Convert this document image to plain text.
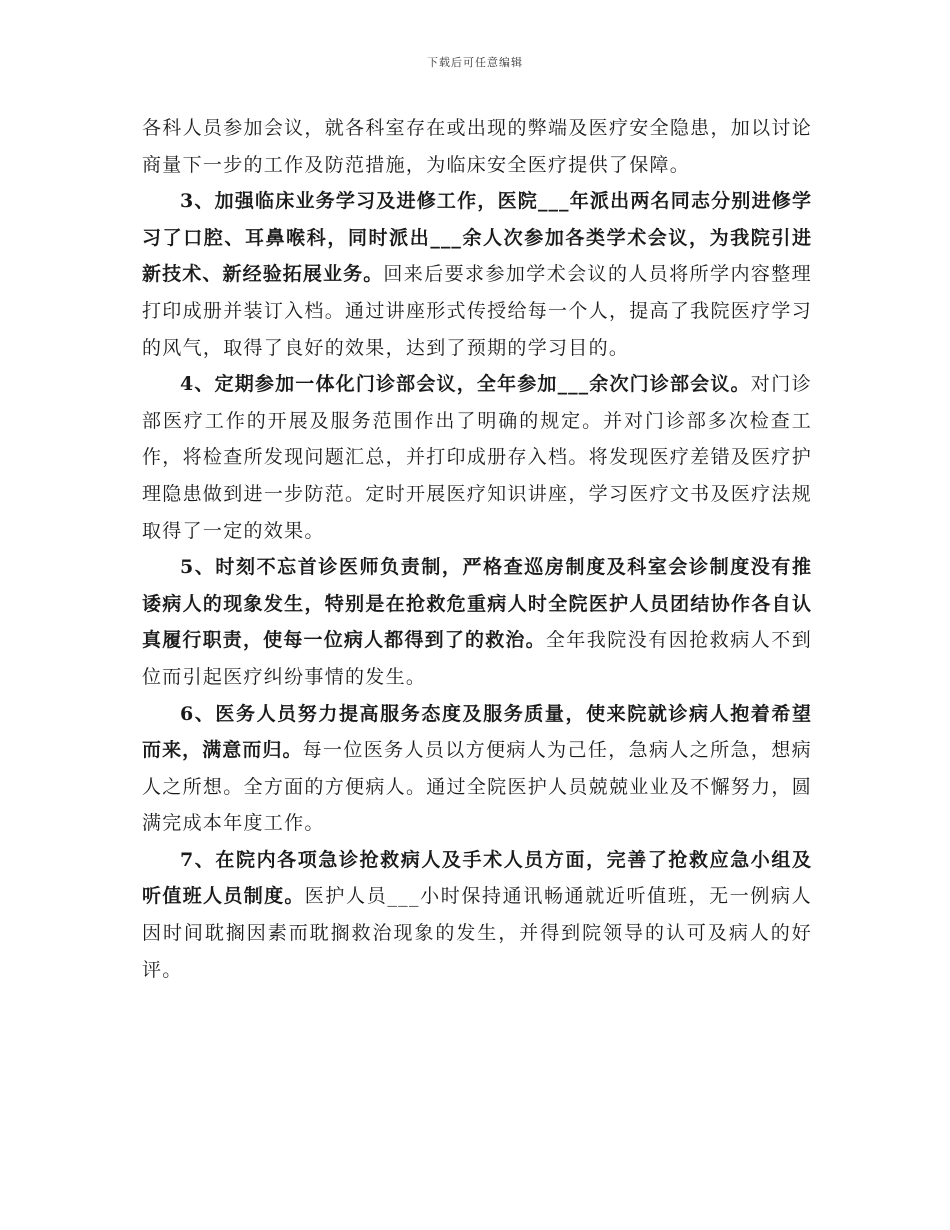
下载后可任意编辑

各科人员参加会议，就各科室存在或出现的弊端及医疗安全隐患，加以讨论商量下一步的工作及防范措施，为临床安全医疗提供了保障。

3、加强临床业务学习及进修工作，医院___年派出两名同志分别进修学习了口腔、耳鼻喉科，同时派出___余人次参加各类学术会议，为我院引进新技术、新经验拓展业务。回来后要求参加学术会议的人员将所学内容整理打印成册并装订入档。通过讲座形式传授给每一个人，提高了我院医疗学习的风气，取得了良好的效果，达到了预期的学习目的。

4、定期参加一体化门诊部会议，全年参加___余次门诊部会议。对门诊部医疗工作的开展及服务范围作出了明确的规定。并对门诊部多次检查工作，将检查所发现问题汇总，并打印成册存入档。将发现医疗差错及医疗护理隐患做到进一步防范。定时开展医疗知识讲座，学习医疗文书及医疗法规取得了一定的效果。

5、时刻不忘首诊医师负责制，严格查巡房制度及科室会诊制度没有推诿病人的现象发生，特别是在抢救危重病人时全院医护人员团结协作各自认真履行职责，使每一位病人都得到了的救治。全年我院没有因抢救病人不到位而引起医疗纠纷事情的发生。

6、医务人员努力提高服务态度及服务质量，使来院就诊病人抱着希望而来，满意而归。每一位医务人员以方便病人为己任，急病人之所急，想病人之所想。全方面的方便病人。通过全院医护人员兢兢业业及不懈努力，圆满完成本年度工作。

7、在院内各项急诊抢救病人及手术人员方面，完善了抢救应急小组及听值班人员制度。医护人员___小时保持通讯畅通就近听值班，无一例病人因时间耽搁因素而耽搁救治现象的发生，并得到院领导的认可及病人的好评。
